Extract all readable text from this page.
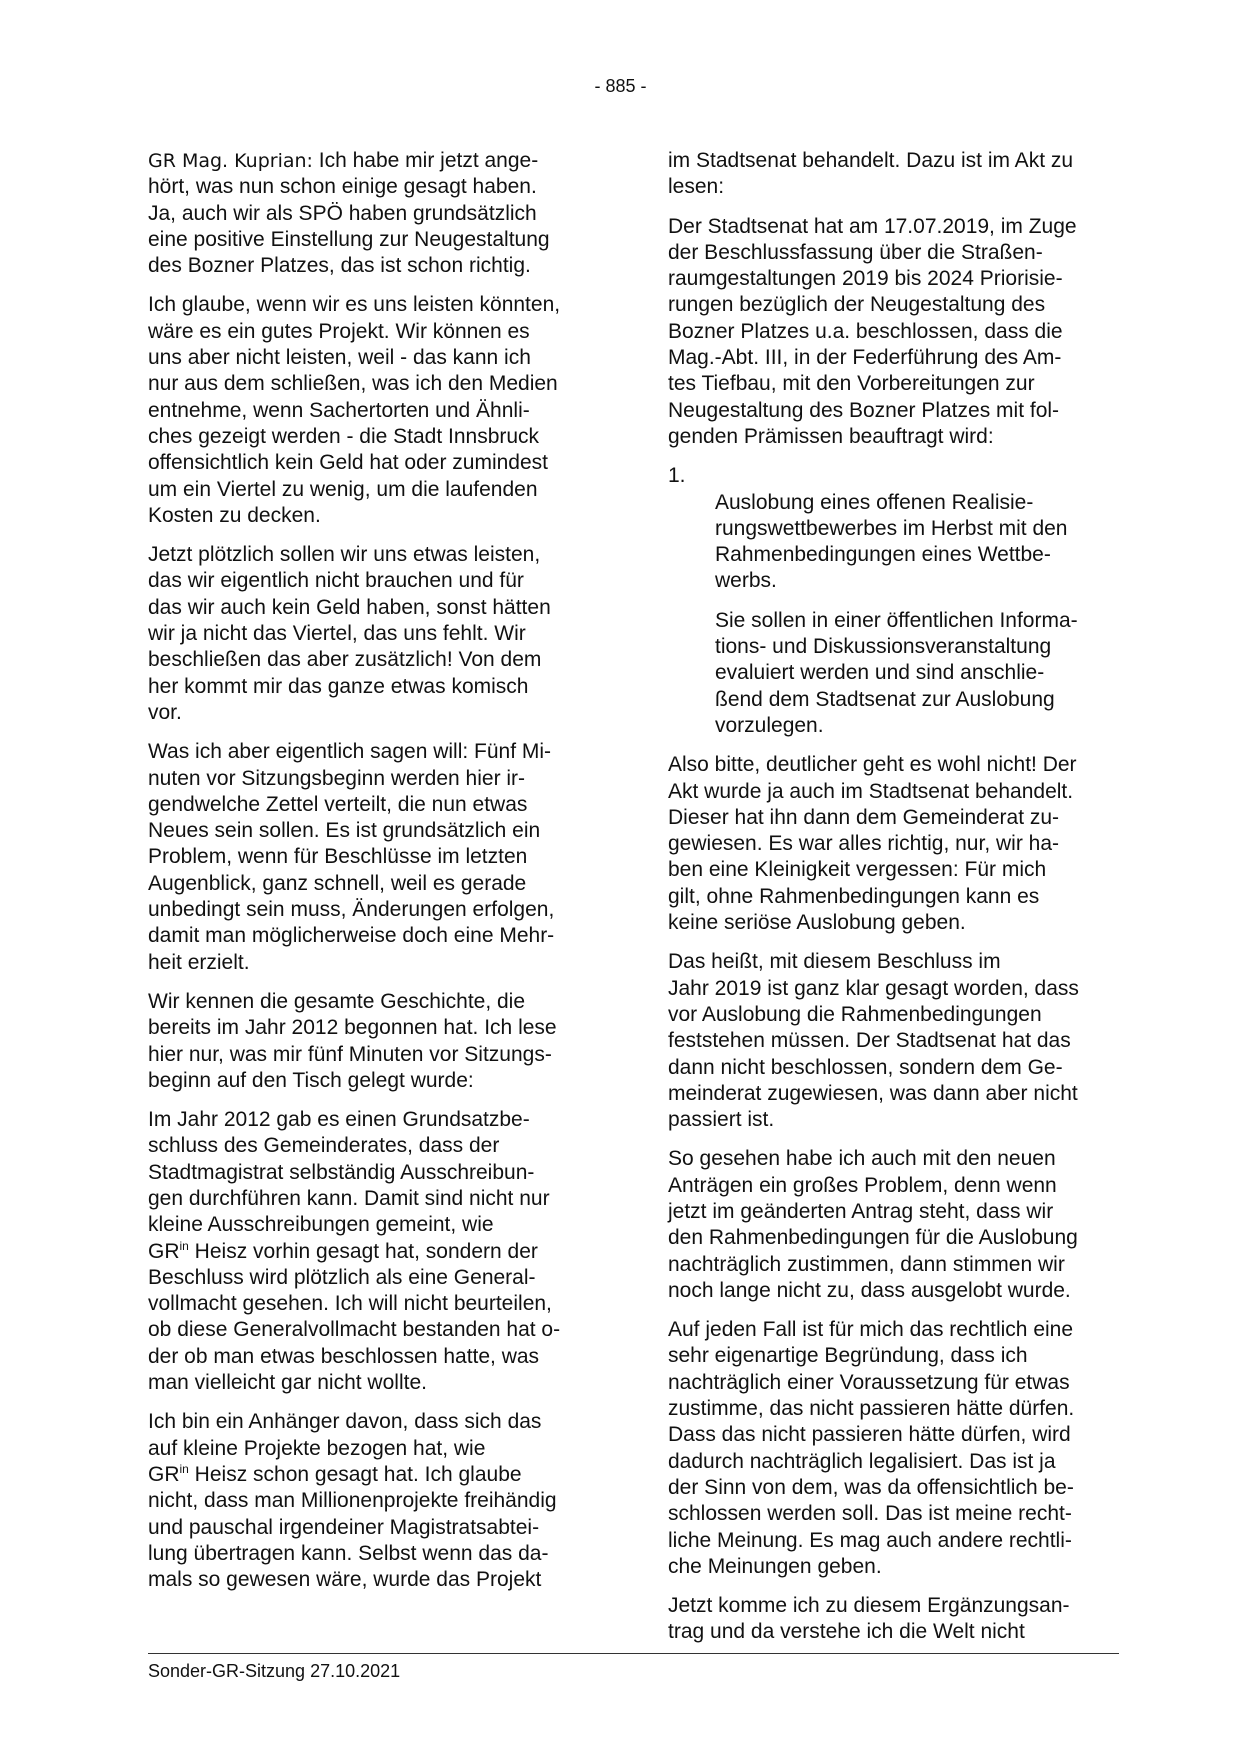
- 885 -

GR Mag. Kuprian: Ich habe mir jetzt ange-
hört, was nun schon einige gesagt haben.
Ja, auch wir als SPÖ haben grundsätzlich
eine positive Einstellung zur Neugestaltung
des Bozner Platzes, das ist schon richtig.

Ich glaube, wenn wir es uns leisten könnten,
wäre es ein gutes Projekt. Wir können es
uns aber nicht leisten, weil - das kann ich
nur aus dem schließen, was ich den Medien
entnehme, wenn Sachertorten und Ähnli-
ches gezeigt werden - die Stadt Innsbruck
offensichtlich kein Geld hat oder zumindest
um ein Viertel zu wenig, um die laufenden
Kosten zu decken.

Jetzt plötzlich sollen wir uns etwas leisten,
das wir eigentlich nicht brauchen und für
das wir auch kein Geld haben, sonst hätten
wir ja nicht das Viertel, das uns fehlt. Wir
beschließen das aber zusätzlich! Von dem
her kommt mir das ganze etwas komisch
vor.

Was ich aber eigentlich sagen will: Fünf Mi-
nuten vor Sitzungsbeginn werden hier ir-
gendwelche Zettel verteilt, die nun etwas
Neues sein sollen. Es ist grundsätzlich ein
Problem, wenn für Beschlüsse im letzten
Augenblick, ganz schnell, weil es gerade
unbedingt sein muss, Änderungen erfolgen,
damit man möglicherweise doch eine Mehr-
heit erzielt.

Wir kennen die gesamte Geschichte, die
bereits im Jahr 2012 begonnen hat. Ich lese
hier nur, was mir fünf Minuten vor Sitzungs-
beginn auf den Tisch gelegt wurde:

Im Jahr 2012 gab es einen Grundsatzbe-
schluss des Gemeinderates, dass der
Stadtmagistrat selbständig Ausschreibun-
gen durchführen kann. Damit sind nicht nur
kleine Ausschreibungen gemeint, wie
$GR^{in}$ Heisz vorhin gesagt hat, sondern der
Beschluss wird plötzlich als eine General-
vollmacht gesehen. Ich will nicht beurteilen,
ob diese Generalvollmacht bestanden hat o-
der ob man etwas beschlossen hatte, was
man vielleicht gar nicht wollte.

Ich bin ein Anhänger davon, dass sich das
auf kleine Projekte bezogen hat, wie
$GR^{in}$ Heisz schon gesagt hat. Ich glaube
nicht, dass man Millionenprojekte freihändig
und pauschal irgendeiner Magistratsabtei-
lung übertragen kann. Selbst wenn das da-
mals so gewesen wäre, wurde das Projekt

im Stadtsenat behandelt. Dazu ist im Akt zu
lesen:

Der Stadtsenat hat am 17.07.2019, im Zuge
der Beschlussfassung über die Straßen-
raumgestaltungen 2019 bis 2024 Priorisie-
rungen bezüglich der Neugestaltung des
Bozner Platzes u.a. beschlossen, dass die
Mag.-Abt. III, in der Federführung des Am-
tes Tiefbau, mit den Vorbereitungen zur
Neugestaltung des Bozner Platzes mit fol-
genden Prämissen beauftragt wird:

1.
Auslobung eines offenen Realisie-
rungswettbewerbes im Herbst mit den
Rahmenbedingungen eines Wettbe-
werbs.

Sie sollen in einer öffentlichen Informa-
tions- und Diskussionsveranstaltung
evaluiert werden und sind anschlie-
ßend dem Stadtsenat zur Auslobung
vorzulegen.

Also bitte, deutlicher geht es wohl nicht! Der
Akt wurde ja auch im Stadtsenat behandelt.
Dieser hat ihn dann dem Gemeinderat zu-
gewiesen. Es war alles richtig, nur, wir ha-
ben eine Kleinigkeit vergessen: Für mich
gilt, ohne Rahmenbedingungen kann es
keine seriöse Auslobung geben.

Das heißt, mit diesem Beschluss im
Jahr 2019 ist ganz klar gesagt worden, dass
vor Auslobung die Rahmenbedingungen
feststehen müssen. Der Stadtsenat hat das
dann nicht beschlossen, sondern dem Ge-
meinderat zugewiesen, was dann aber nicht
passiert ist.

So gesehen habe ich auch mit den neuen
Anträgen ein großes Problem, denn wenn
jetzt im geänderten Antrag steht, dass wir
den Rahmenbedingungen für die Auslobung
nachträglich zustimmen, dann stimmen wir
noch lange nicht zu, dass ausgelobt wurde.

Auf jeden Fall ist für mich das rechtlich eine
sehr eigenartige Begründung, dass ich
nachträglich einer Voraussetzung für etwas
zustimme, das nicht passieren hätte dürfen.
Dass das nicht passieren hätte dürfen, wird
dadurch nachträglich legalisiert. Das ist ja
der Sinn von dem, was da offensichtlich be-
schlossen werden soll. Das ist meine recht-
liche Meinung. Es mag auch andere rechtli-
che Meinungen geben.

Jetzt komme ich zu diesem Ergänzungsan-
trag und da verstehe ich die Welt nicht

Sonder-GR-Sitzung 27.10.2021
